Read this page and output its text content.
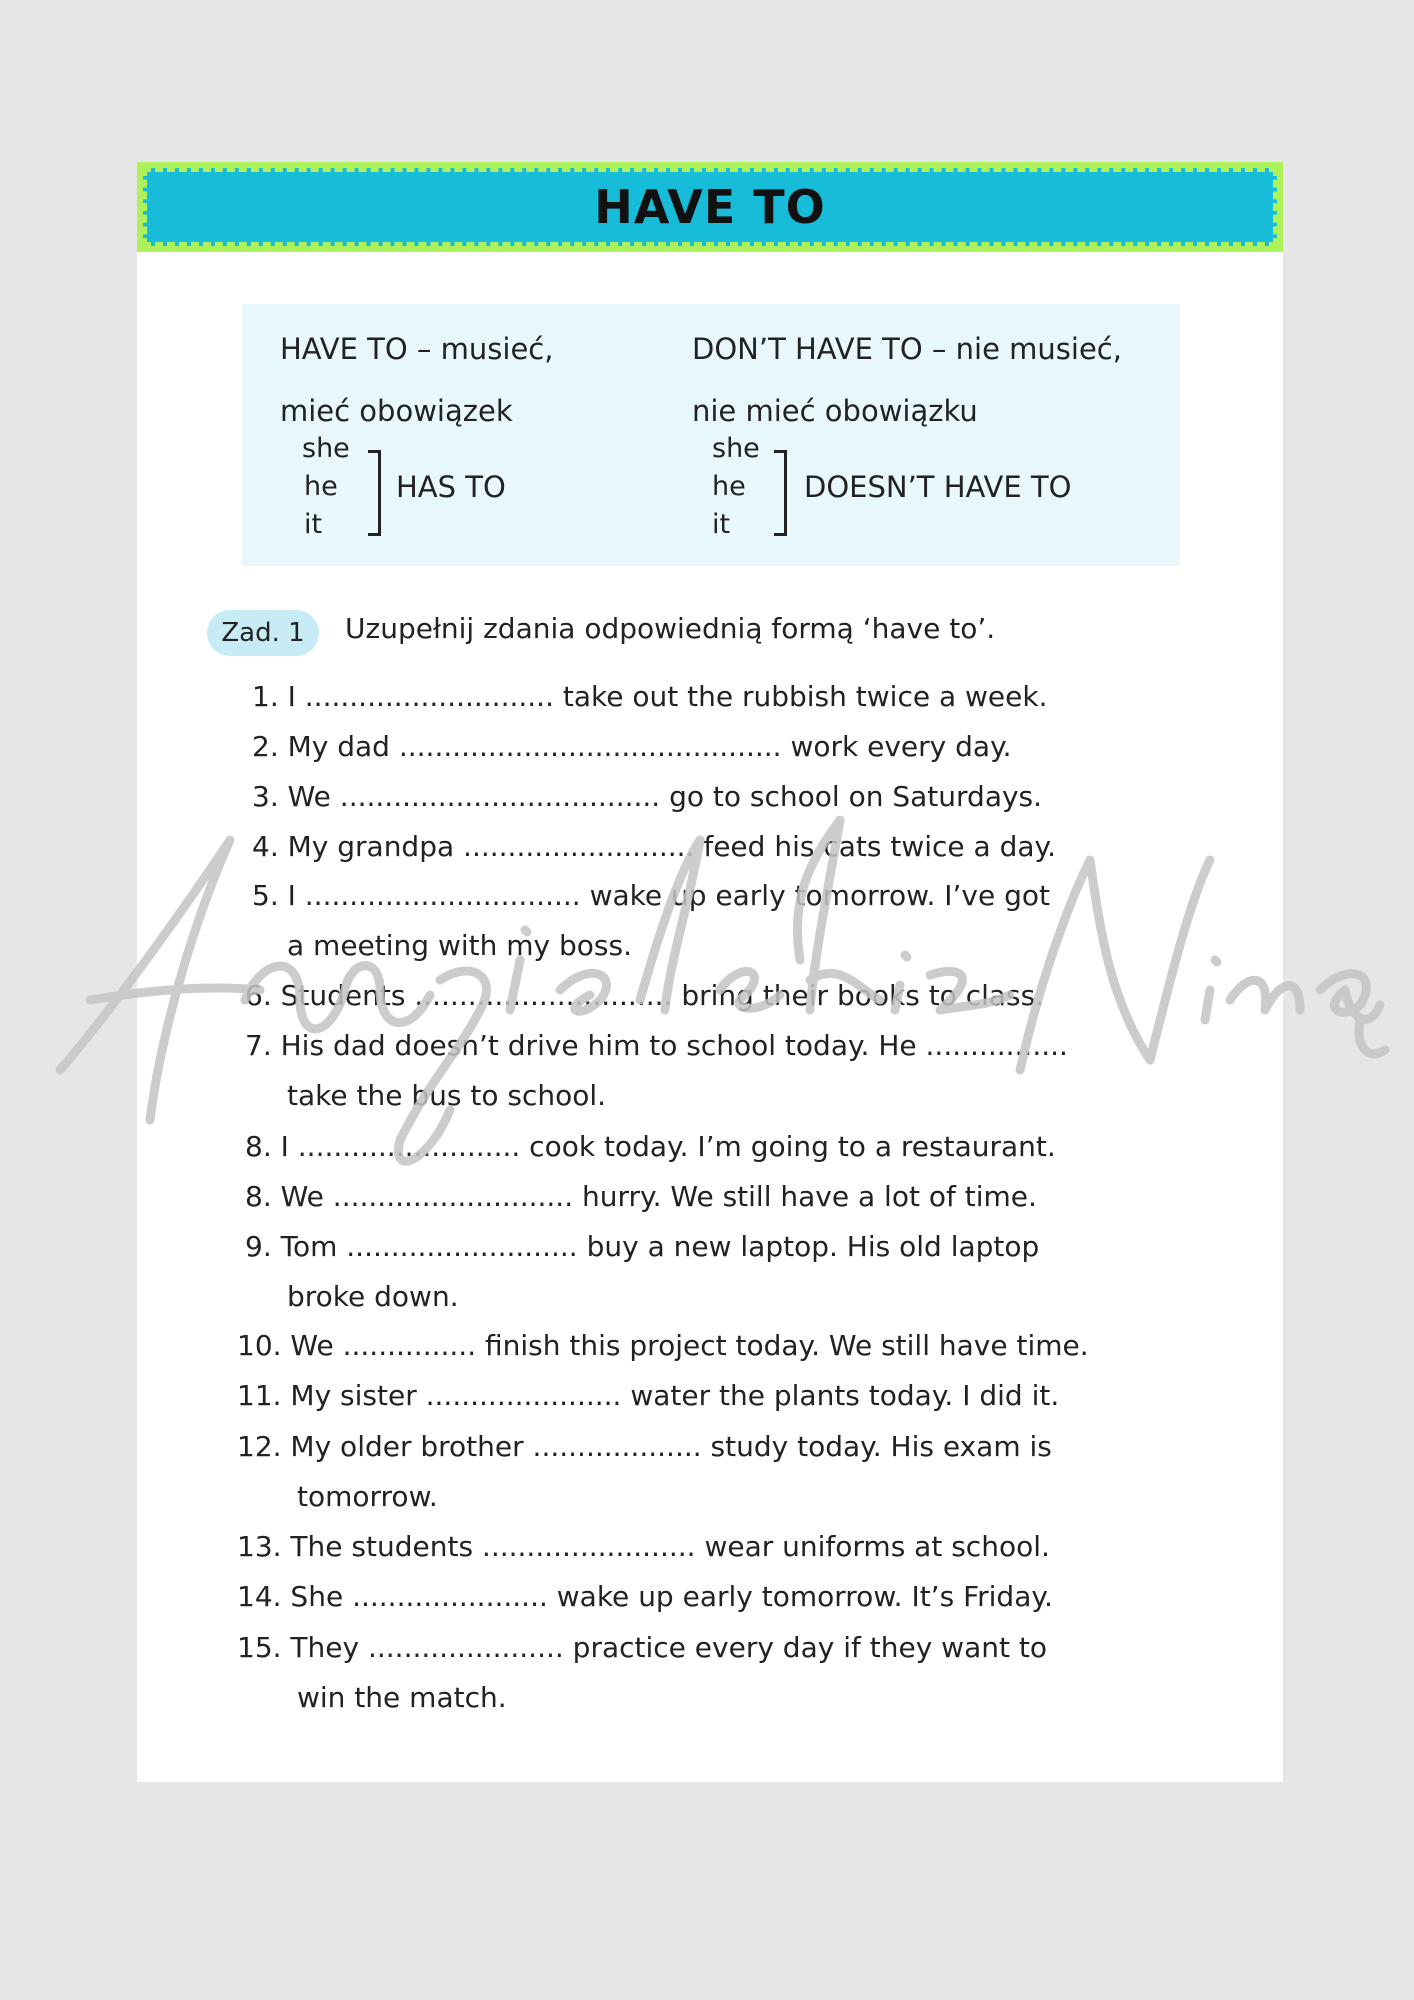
HAVE TO
HAVE TO – musieć,
mieć obowiązek
DON’T HAVE TO – nie musieć,
nie mieć obowiązku
she
he
it
HAS TO
she
he
it
DOESN’T HAVE TO
Zad. 1	Uzupełnij zdania odpowiednią formą ‘have to’.
1. I ............................ take out the rubbish twice a week.
2. My dad ........................................... work every day.
3. We .................................... go to school on Saturdays.
4. My grandpa .......................... feed his cats twice a day.
5. I ............................... wake up early tomorrow. I’ve got
a meeting with my boss.
6. Students ............................. bring their books to class.
7. His dad doesn’t drive him to school today. He ................
take the bus to school.
8. I ......................... cook today. I’m going to a restaurant.
8. We ........................... hurry. We still have a lot of time.
9. Tom .......................... buy a new laptop. His old laptop
broke down.
10. We ............... finish this project today. We still have time.
11. My sister ...................... water the plants today. I did it.
12. My older brother ................... study today. His exam is
tomorrow.
13. The students ........................ wear uniforms at school.
14. She ...................... wake up early tomorrow. It’s Friday.
15. They ...................... practice every day if they want to
win the match.
